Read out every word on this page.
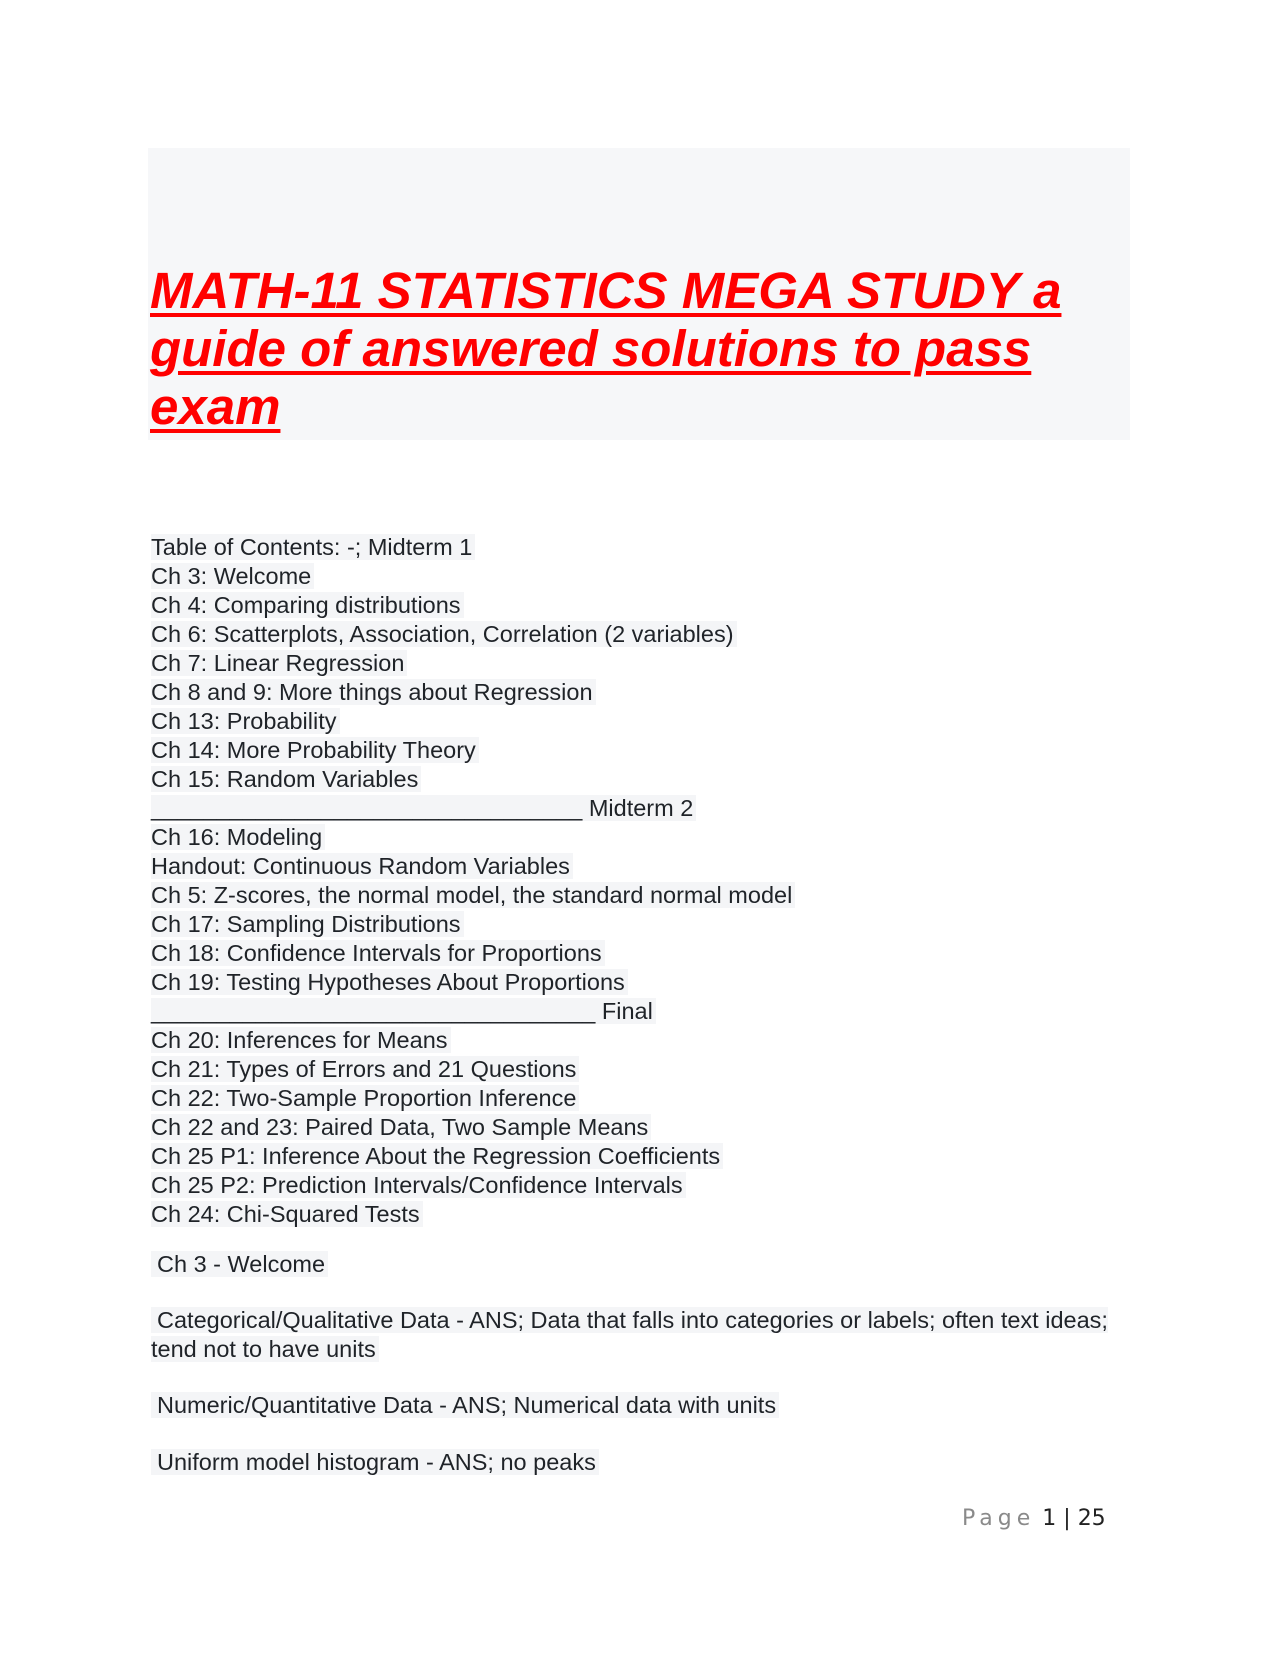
MATH-11 STATISTICS MEGA STUDY a guide of answered solutions to pass exam
Table of Contents: -; Midterm 1
Ch 3: Welcome
Ch 4: Comparing distributions
Ch 6: Scatterplots, Association, Correlation (2 variables)
Ch 7: Linear Regression
Ch 8 and 9: More things about Regression
Ch 13: Probability
Ch 14: More Probability Theory
Ch 15: Random Variables
_________________________________ Midterm 2
Ch 16: Modeling
Handout: Continuous Random Variables
Ch 5: Z-scores, the normal model, the standard normal model
Ch 17: Sampling Distributions
Ch 18: Confidence Intervals for Proportions
Ch 19: Testing Hypotheses About Proportions
__________________________________ Final
Ch 20: Inferences for Means
Ch 21: Types of Errors and 21 Questions
Ch 22: Two-Sample Proportion Inference
Ch 22 and 23: Paired Data, Two Sample Means
Ch 25 P1: Inference About the Regression Coefficients
Ch 25 P2: Prediction Intervals/Confidence Intervals
Ch 24: Chi-Squared Tests
Ch 3 - Welcome
Categorical/Qualitative Data - ANS; Data that falls into categories or labels; often text ideas; tend not to have units
Numeric/Quantitative Data - ANS; Numerical data with units
Uniform model histogram - ANS; no peaks
Page 1 | 25
